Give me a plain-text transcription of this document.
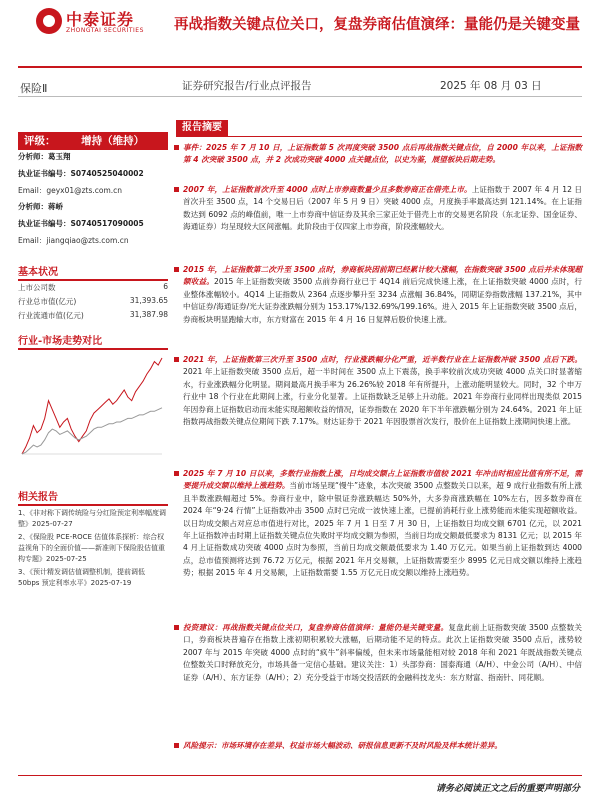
中泰证券
ZHONGTAI SECURITIES 再战指数关键点位关口，复盘券商估值演绎：量能仍是关键变量
保险Ⅱ	证券研究报告/行业点评报告	2025 年 08 月 03 日
评级： 增持（维持）
分析师：葛玉翔
执业证书编号：S0740525040002
Email：geyx01@zts.com.cn
分析师：蒋峤
执业证书编号：S0740517090005
Email：jiangqiao@zts.com.cn
基本状况
上市公司数	6
行业总市值(亿元)	31,393.65
行业流通市值(亿元)	31,387.98
行业-市场走势对比
相关报告
1、《非对称下调传统险与分红险预定利率幅度调整》2025-07-27
2、《保险股 PCE-ROCE 估值体系探析：综合权益视角下的全面价值——新准则下保险股估值重构专题》2025-07-25
3、《预计精发调估值调整机制，提前调低 50bps 预定利率水平》2025-07-19
报告摘要
事件：2025 年 7 月 10 日，上证指数第 5 次再度突破 3500 点后再战指数关键点位，自 2000 年以来，上证指数第 4 次突破 3500 点，并 2 次成功突破 4000 点关键点位，以史为鉴，展望板块后期走势。
2007 年，上证指数首次升至 4000 点时上市券商数量少且多数券商正在借壳上市。上证指数于 2007 年 4 月 12 日首次升至 3500 点，14 个交易日后（2007 年 5 月 9 日）突破 4000 点，月度换手率最高达到 121.14%。在上证指数达到 6092 点的峰值前，唯一上市券商中信证券及其余三家正处于借壳上市的交易更名阶段（东北证券、国金证券、海通证券）均呈现较大区间涨幅。此阶段由于仅四家上市券商，阶段涨幅较大。
2015 年，上证指数第二次升至 3500 点时，券商板块因前期已经累计较大涨幅，在指数突破 3500 点后并未体现超额收益。2015 年上证指数突破 3500 点前券商行业已于 4Q14 前后完成快速上涨，在上证指数突破 4000 点时，行业整体涨幅较小。4Q14 上证指数从 2364 点逐步攀升至 3234 点涨幅 36.84%，同期证券指数涨幅 137.21%，其中中信证券/海通证券/光大证券涨跌幅分别为 153.17%/132.69%/199.16%。进入 2015 年上证指数突破 3500 点后，券商板块明显跑输大市，东方财富在 2015 年 4 月 16 日复牌后股价快速上涨。
2021 年，上证指数第三次升至 3500 点时，行业涨跌幅分化严重，近半数行业在上证指数冲破 3500 点后下跌。2021 年上证指数突破 3500 点后，超一半时间在 3500 点上下震荡，换手率较前次成功突破 4000 点关口时显著缩水，行业涨跌幅分化明显。期间最高月换手率为 26.26%较 2018 年有所提升，上涨动能明显较大。同时，32 个申万行业中 18 个行业在此期间上涨，行业分化显著。上证指数缺乏足够上升动能。2021 年券商行业同样出现类似 2015 年因券商上证指数启动而未能实现超额收益的情况，证券指数在 2020 年下半年涨跌幅分别为 24.64%。2021 年上证指数再战指数关键点位期间下跌 7.17%。财达证券于 2021 年因股票首次发行，股价在上证指数上涨期间快速上涨。
2025 年 7 月 10 日以来，多数行业指数上涨，日均成交额占上证指数市值较 2021 年冲击时相应比值有所不足，需要提升成交额以维持上涨趋势。当前市场呈现“慢牛”迹象，本次突破 3500 点整数关口以来，超 9 成行业指数有所上涨且半数涨跌幅超过 5%。券商行业中，除中银证券涨跌幅达 50%外，大多券商涨跌幅在 10%左右，因多数券商在 2024 年“9·24 行情”上证指数冲击 3500 点时已完成一波快速上涨，已提前消耗行业上涨势能而未能实现超额收益。以日均成交额占对应总市值进行对比，2025 年 7 月 1 日至 7 月 30 日，上证指数日均成交额 6701 亿元，以 2021 年上证指数冲击时期上证指数关键点位失败时平均成交额为参照，当前日均成交额最低要求为 8131 亿元；以 2015 年 4 月上证指数成功突破 4000 点时为参照，当前日均成交额最低要求为 1.40 万亿元。如果当前上证指数到达 4000 点，总市值预测将达到 76.72 万亿元，根据 2021 年月交易额，上证指数需要至少 8995 亿元日成交额以维持上涨趋势；根据 2015 年 4 月交易额，上证指数需要 1.55 万亿元日成交额以维持上涨趋势。
投资建议：再战指数关键点位关口，复盘券商估值演绎：量能仍是关键变量。复盘此前上证指数突破 3500 点整数关口，券商板块普遍存在指数上涨初期积累较大涨幅，后期动能不足的特点。此次上证指数突破 3500 点后，涨势较 2007 年与 2015 年突破 4000 点时的“疯牛”斜率偏缓，但未来市场量能相对较 2018 年和 2021 年既战指数关键点位整数关口时释放充分，市场具备一定信心基础。建议关注：1）头部券商：国泰海通（A/H）、中金公司（A/H）、中信证券（A/H）、东方证券（A/H）；2）充分受益于市场交投活跃的金融科技龙头：东方财富、指南针、同花顺。
风险提示：市场环境存在差异、权益市场大幅波动、研报信息更新不及时风险及样本统计差异。
请务必阅读正文之后的重要声明部分
